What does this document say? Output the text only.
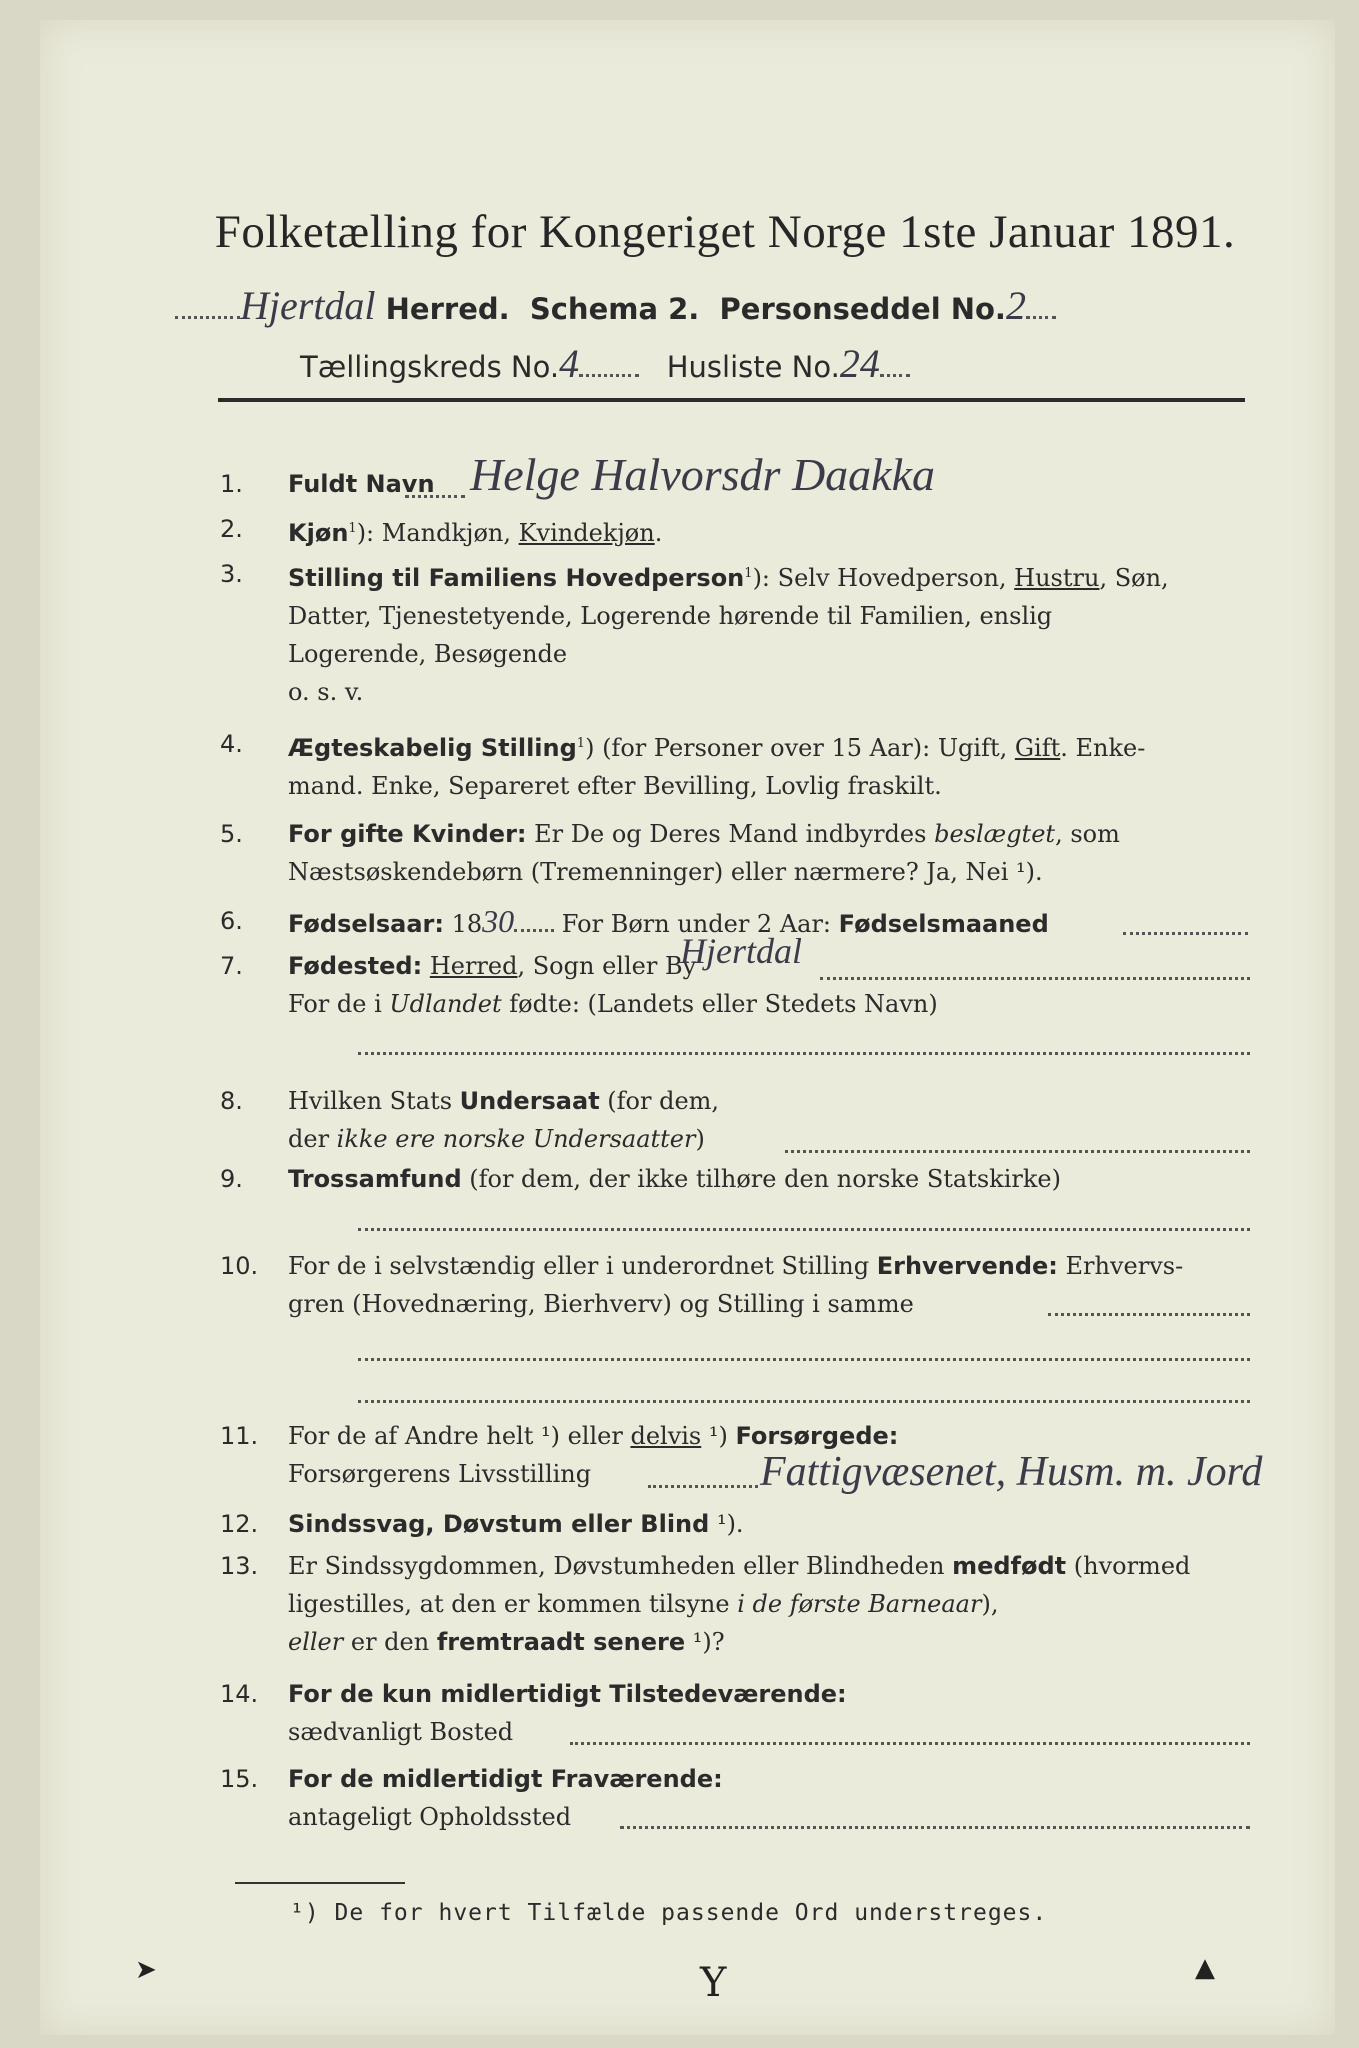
Folketælling for Kongeriget Norge 1ste Januar 1891.
Hjertdal Herred. Schema 2. Personseddel No.2
Tællingskreds No.4	Husliste No.24
1.	Fuldt Navn Helge Halvorsdr Daakka
2.	Kjøn$^1$): Mandkjøn, Kvindekjøn.
3.	Stilling til Familiens Hovedperson$^1$): Selv Hovedperson, Hustru, Søn,
Datter, Tjenestetyende, Logerende hørende til Familien, enslig
Logerende, Besøgende
o. s. v.
4.	Ægteskabelig Stilling$^1$) (for Personer over 15 Aar): Ugift, Gift. Enke-
mand. Enke, Separeret efter Bevilling, Lovlig fraskilt.
5.	For gifte Kvinder: Er De og Deres Mand indbyrdes beslægtet, som
Næstsøskendebørn (Tremenninger) eller nærmere? Ja, Nei ¹).
6.	Fødselsaar: 1830 For Børn under 2 Aar: Fødselsmaaned
7.	Fødested: Herred, Sogn eller By
For de i Udlandet fødte: (Landets eller Stedets Navn)
Hjertdal
8.	Hvilken Stats Undersaat (for dem,
der ikke ere norske Undersaatter)
9.	Trossamfund (for dem, der ikke tilhøre den norske Statskirke)
10.	For de i selvstændig eller i underordnet Stilling Erhvervende: Erhvervs-
gren (Hovednæring, Bierhverv) og Stilling i samme
11.	For de af Andre helt ¹) eller delvis ¹) Forsørgede:
Forsørgerens Livsstilling	Fattigvæsenet, Husm. m. Jord
12.	Sindssvag, Døvstum eller Blind ¹).
13.	Er Sindssygdommen, Døvstumheden eller Blindheden medfødt (hvormed
ligestilles, at den er kommen tilsyne i de første Barneaar),
eller er den fremtraadt senere ¹)?
14.	For de kun midlertidigt Tilstedeværende:
sædvanligt Bosted
15.	For de midlertidigt Fraværende:
antageligt Opholdssted
¹) De for hvert Tilfælde passende Ord understreges.
➤	Y	▲
